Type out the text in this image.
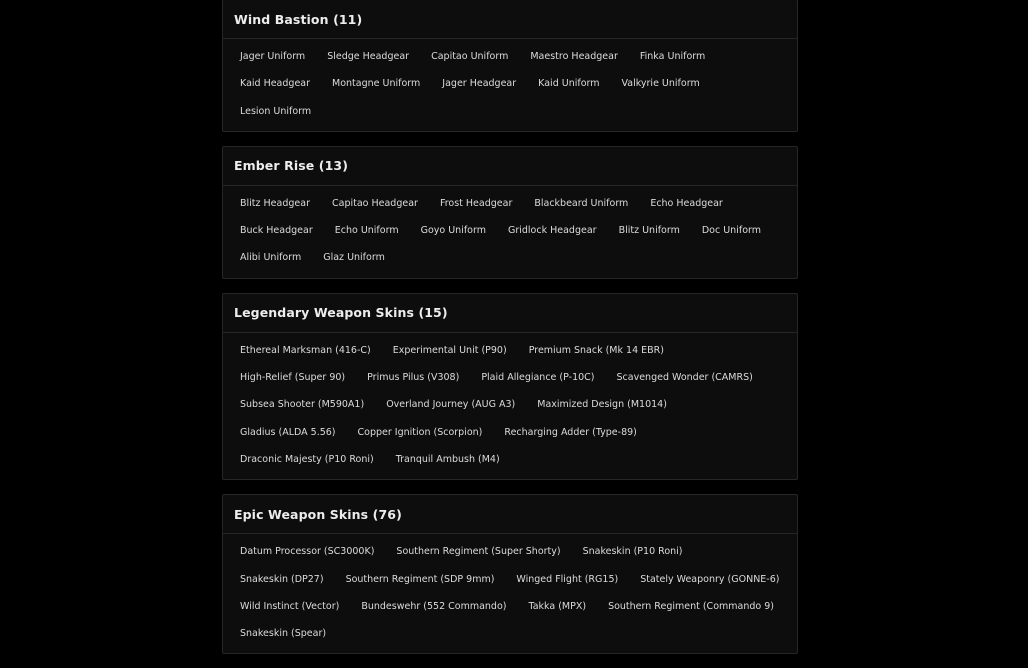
Wind Bastion (11)
Jager Uniform	Sledge Headgear	Capitao Uniform	Maestro Headgear	Finka Uniform
Kaid Headgear	Montagne Uniform	Jager Headgear	Kaid Uniform	Valkyrie Uniform
Lesion Uniform
Ember Rise (13)
Blitz Headgear	Capitao Headgear	Frost Headgear	Blackbeard Uniform	Echo Headgear
Buck Headgear	Echo Uniform	Goyo Uniform	Gridlock Headgear	Blitz Uniform	Doc Uniform
Alibi Uniform	Glaz Uniform
Legendary Weapon Skins (15)
Ethereal Marksman (416-C)	Experimental Unit (P90)	Premium Snack (Mk 14 EBR)
High-Relief (Super 90)	Primus Pilus (V308)	Plaid Allegiance (P-10C)	Scavenged Wonder (CAMRS)
Subsea Shooter (M590A1)	Overland Journey (AUG A3)	Maximized Design (M1014)
Gladius (ALDA 5.56)	Copper Ignition (Scorpion)	Recharging Adder (Type-89)
Draconic Majesty (P10 Roni)	Tranquil Ambush (M4)
Epic Weapon Skins (76)
Datum Processor (SC3000K)	Southern Regiment (Super Shorty)	Snakeskin (P10 Roni)
Snakeskin (DP27)	Southern Regiment (SDP 9mm)	Winged Flight (RG15)	Stately Weaponry (GONNE-6)
Wild Instinct (Vector)	Bundeswehr (552 Commando)	Takka (MPX)	Southern Regiment (Commando 9)
Snakeskin (Spear)
